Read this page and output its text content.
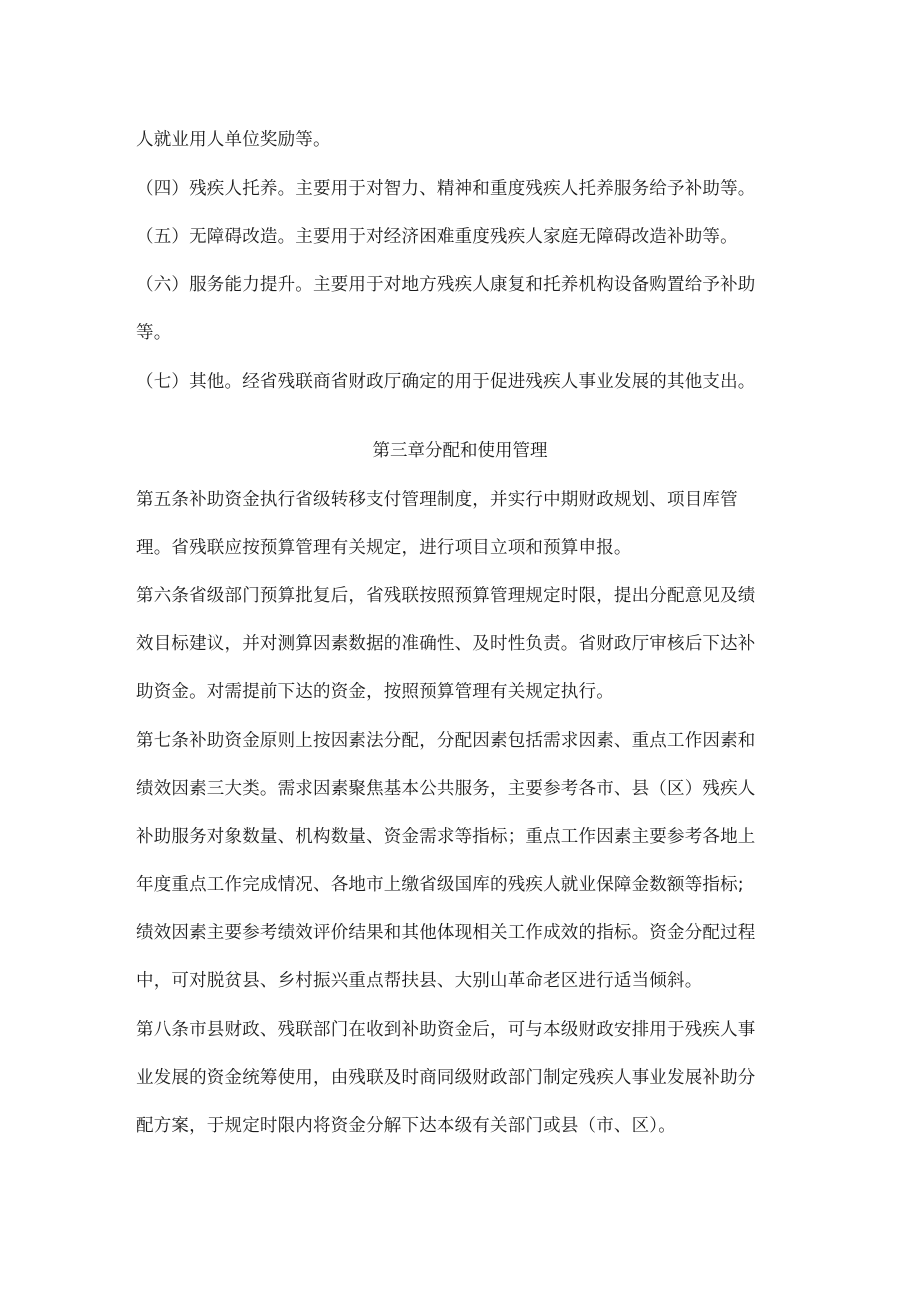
人就业用人单位奖励等。
（四）残疾人托养。主要用于对智力、精神和重度残疾人托养服务给予补助等。
（五）无障碍改造。主要用于对经济困难重度残疾人家庭无障碍改造补助等。
（六）服务能力提升。主要用于对地方残疾人康复和托养机构设备购置给予补助
等。
（七）其他。经省残联商省财政厅确定的用于促进残疾人事业发展的其他支出。
第三章分配和使用管理
第五条补助资金执行省级转移支付管理制度，并实行中期财政规划、项目库管
理。省残联应按预算管理有关规定，进行项目立项和预算申报。
第六条省级部门预算批复后，省残联按照预算管理规定时限，提出分配意见及绩
效目标建议，并对测算因素数据的准确性、及时性负责。省财政厅审核后下达补
助资金。对需提前下达的资金，按照预算管理有关规定执行。
第七条补助资金原则上按因素法分配，分配因素包括需求因素、重点工作因素和
绩效因素三大类。需求因素聚焦基本公共服务，主要参考各市、县（区）残疾人
补助服务对象数量、机构数量、资金需求等指标；重点工作因素主要参考各地上
年度重点工作完成情况、各地市上缴省级国库的残疾人就业保障金数额等指标;
绩效因素主要参考绩效评价结果和其他体现相关工作成效的指标。资金分配过程
中，可对脱贫县、乡村振兴重点帮扶县、大别山革命老区进行适当倾斜。
第八条市县财政、残联部门在收到补助资金后，可与本级财政安排用于残疾人事
业发展的资金统筹使用，由残联及时商同级财政部门制定残疾人事业发展补助分
配方案，于规定时限内将资金分解下达本级有关部门或县（市、区）。
